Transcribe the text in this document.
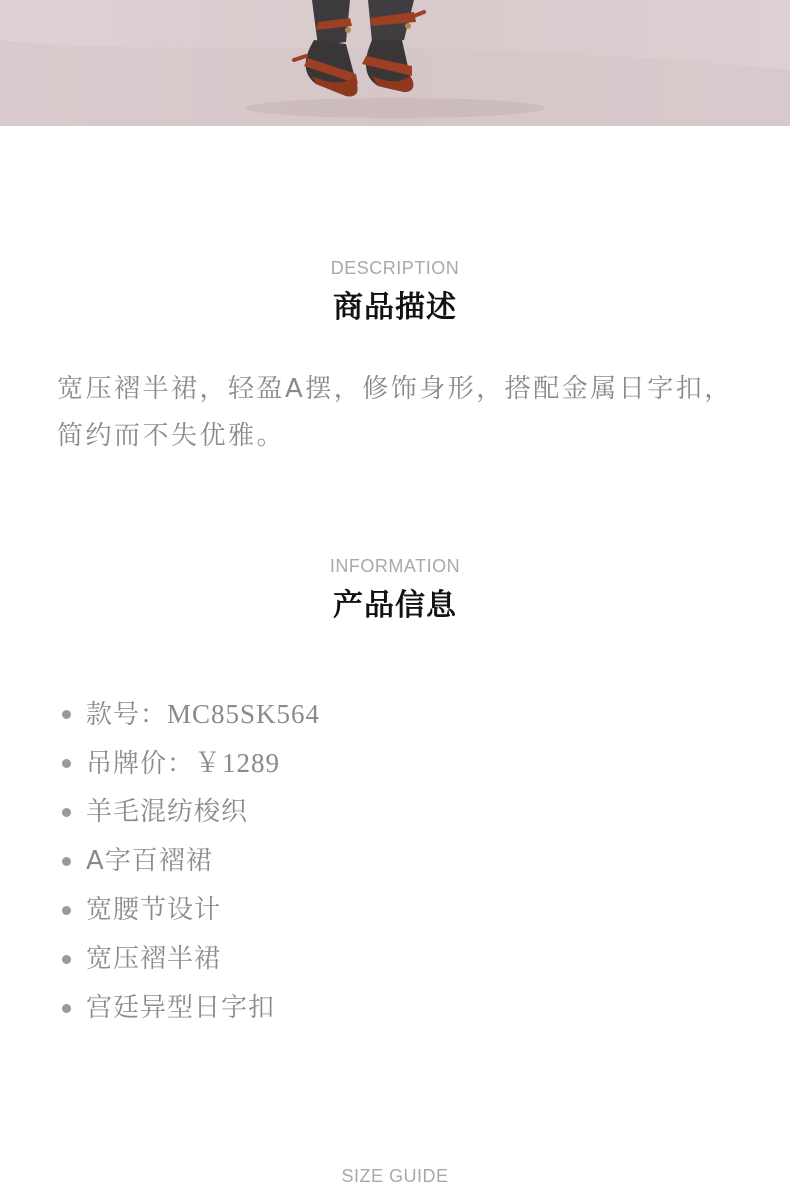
DESCRIPTION
商品描述
宽压褶半裙，轻盈A摆，修饰身形，搭配金属日字扣，简约而不失优雅。
INFORMATION
产品信息
款号：MC85SK564
吊牌价：￥1289
羊毛混纺梭织
A字百褶裙
宽腰节设计
宽压褶半裙
宫廷异型日字扣
SIZE GUIDE
